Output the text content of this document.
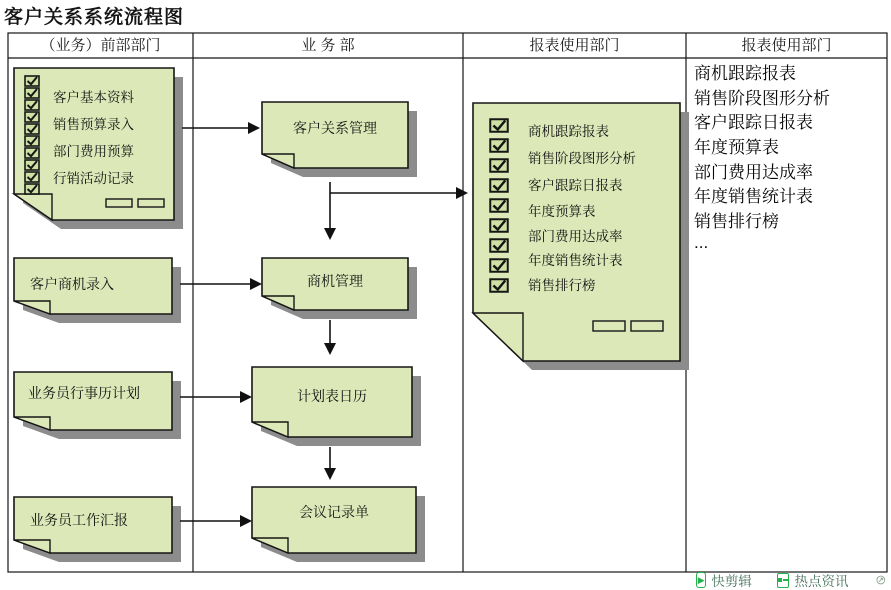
客户关系系统流程图
（业务）前部部门	业 务 部	报表使用部门	报表使用部门
客户基本资料
销售预算录入
部门费用预算
行销活动记录
客户商机录入
业务员行事历计划
业务员工作汇报
客户关系管理
商机管理
计划表日历
会议记录单
商机跟踪报表
销售阶段图形分析
客户跟踪日报表
年度预算表
部门费用达成率
年度销售统计表
销售排行榜
商机跟踪报表
销售阶段图形分析
客户跟踪日报表
年度预算表
部门费用达成率
年度销售统计表
销售排行榜
...
▶ 快剪辑	热点资讯
